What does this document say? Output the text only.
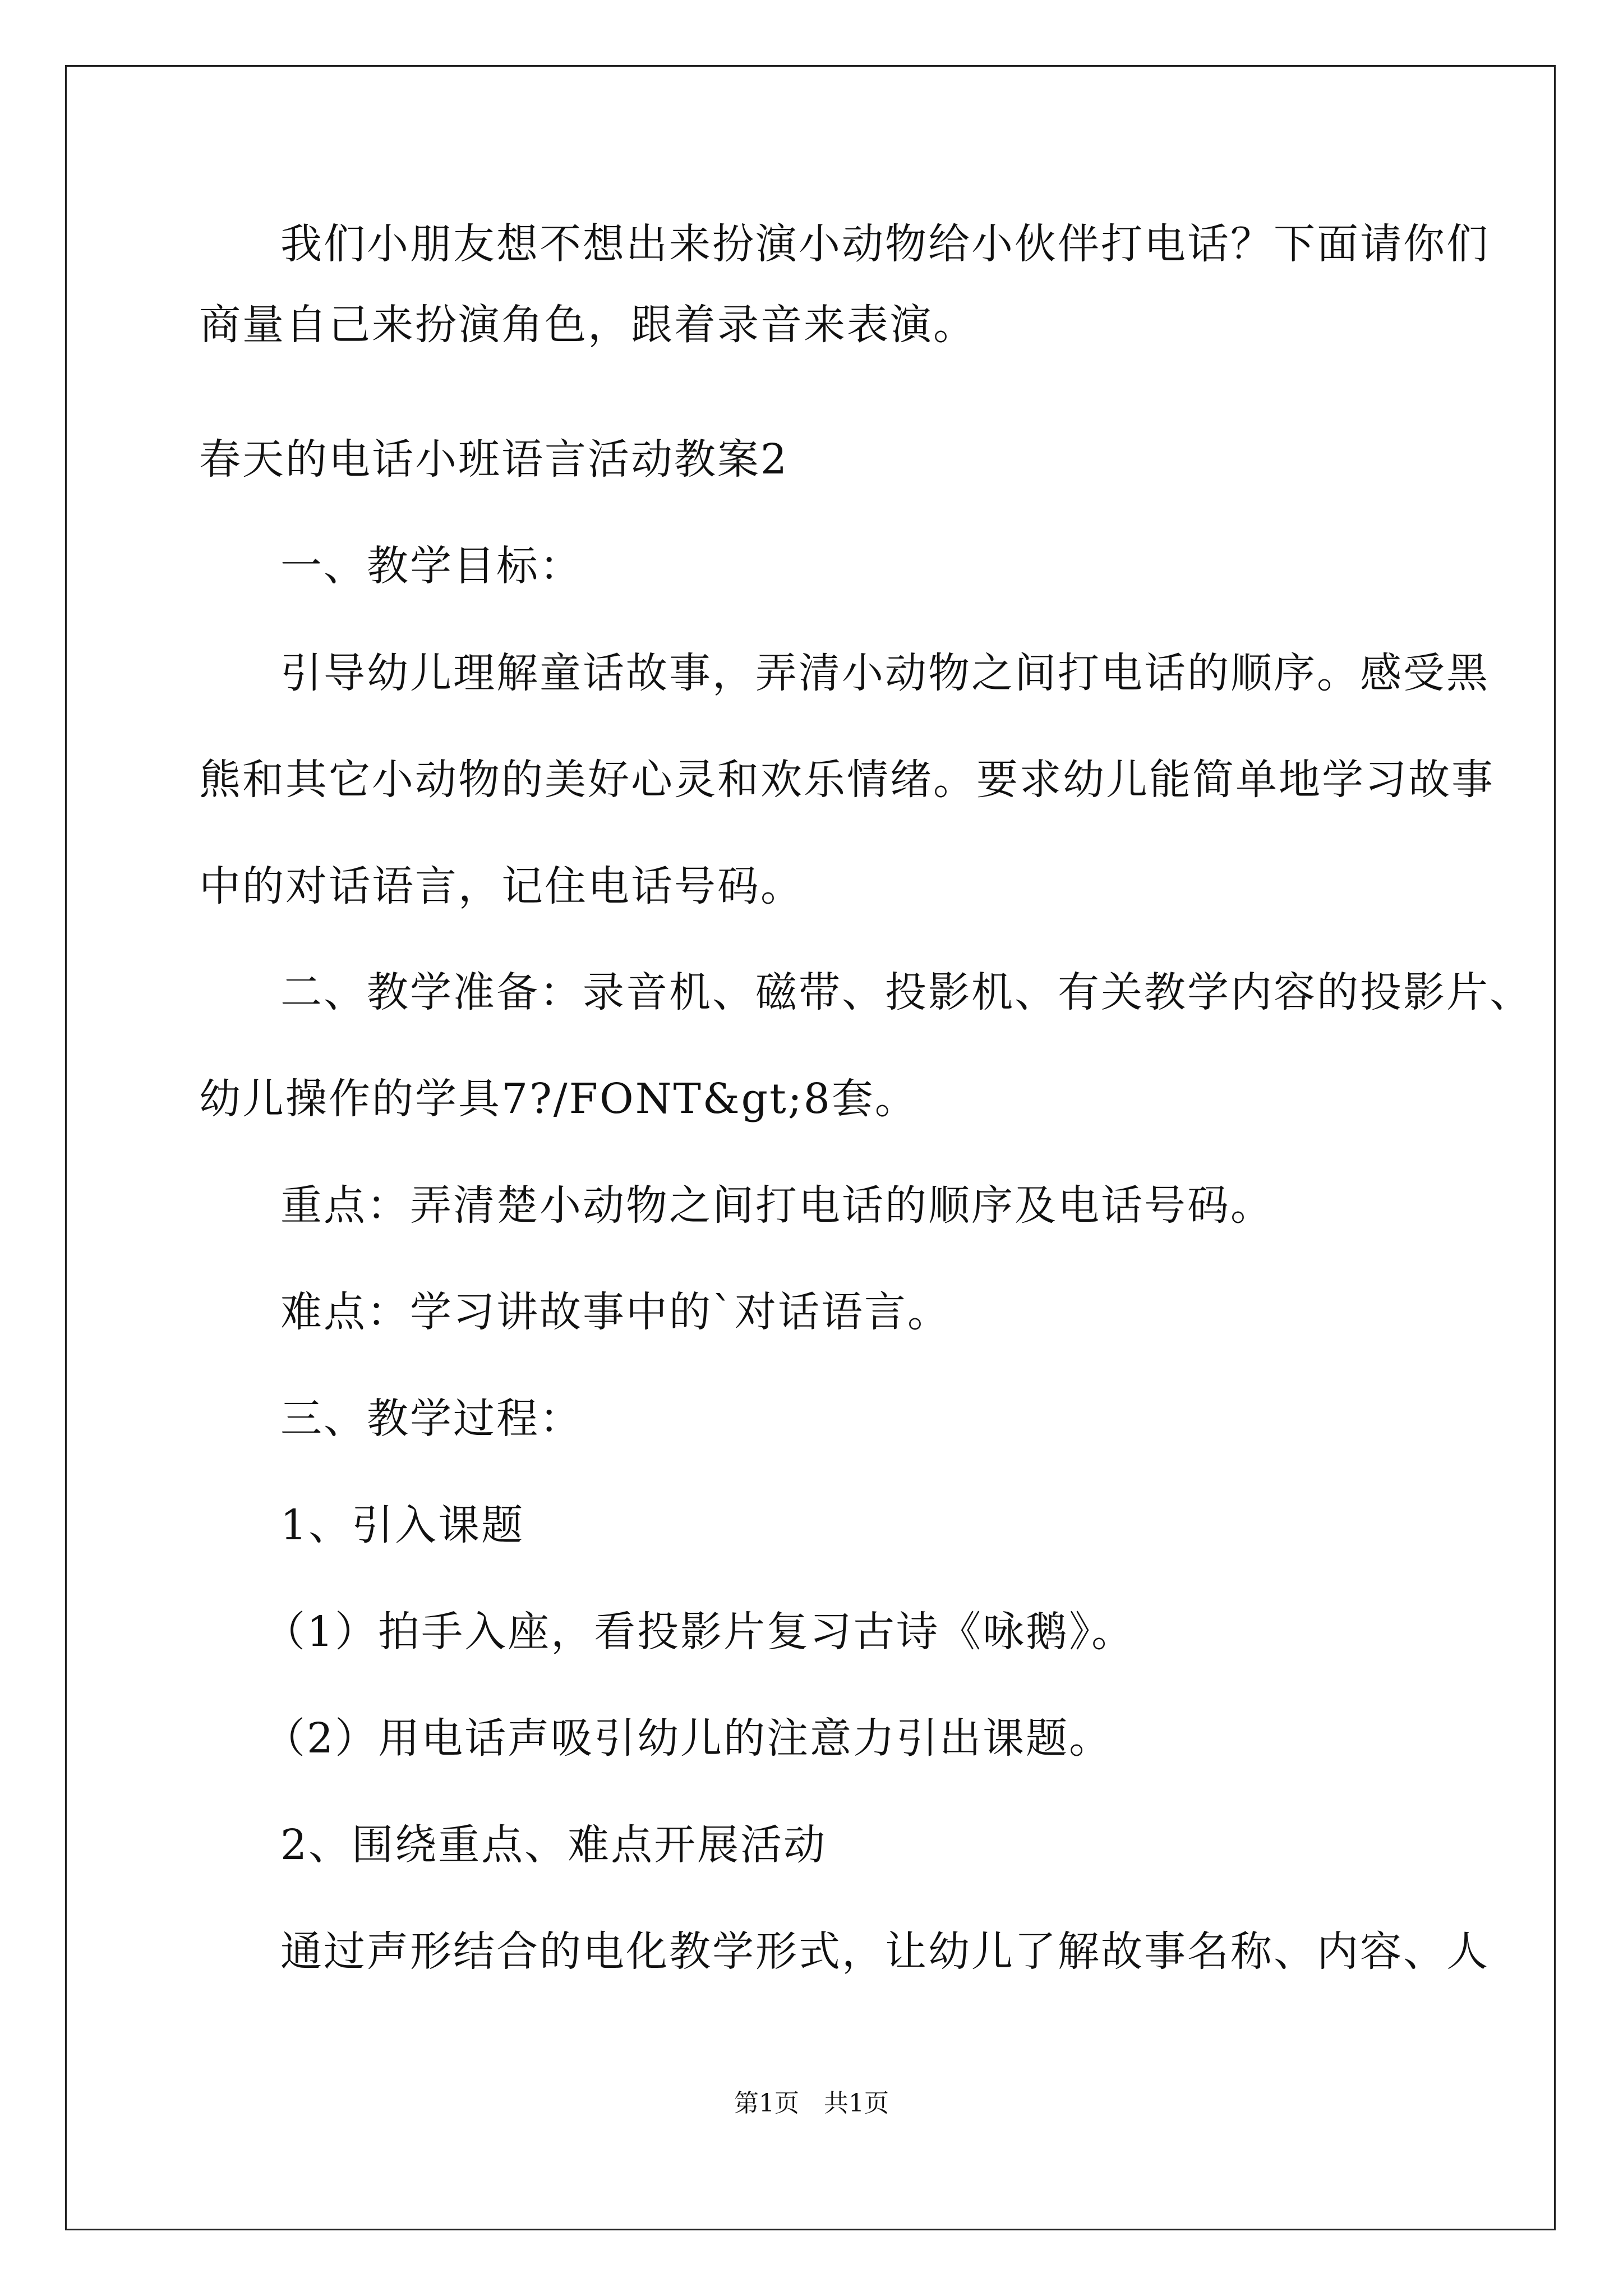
我们小朋友想不想出来扮演小动物给小伙伴打电话？下面请你们
商量自己来扮演角色，跟着录音来表演。
春天的电话小班语言活动教案2
一、教学目标：
引导幼儿理解童话故事，弄清小动物之间打电话的顺序。感受黑
熊和其它小动物的美好心灵和欢乐情绪。要求幼儿能简单地学习故事
中的对话语言，记住电话号码。
二、教学准备：录音机、磁带、投影机、有关教学内容的投影片、
幼儿操作的学具7?/FONT&gt;8套。
重点：弄清楚小动物之间打电话的顺序及电话号码。
难点：学习讲故事中的`对话语言。
三、教学过程：
1、引入课题
（1）拍手入座，看投影片复习古诗《咏鹅》。
（2）用电话声吸引幼儿的注意力引出课题。
2、围绕重点、难点开展活动
通过声形结合的电化教学形式，让幼儿了解故事名称、内容、人
第1页　共1页
